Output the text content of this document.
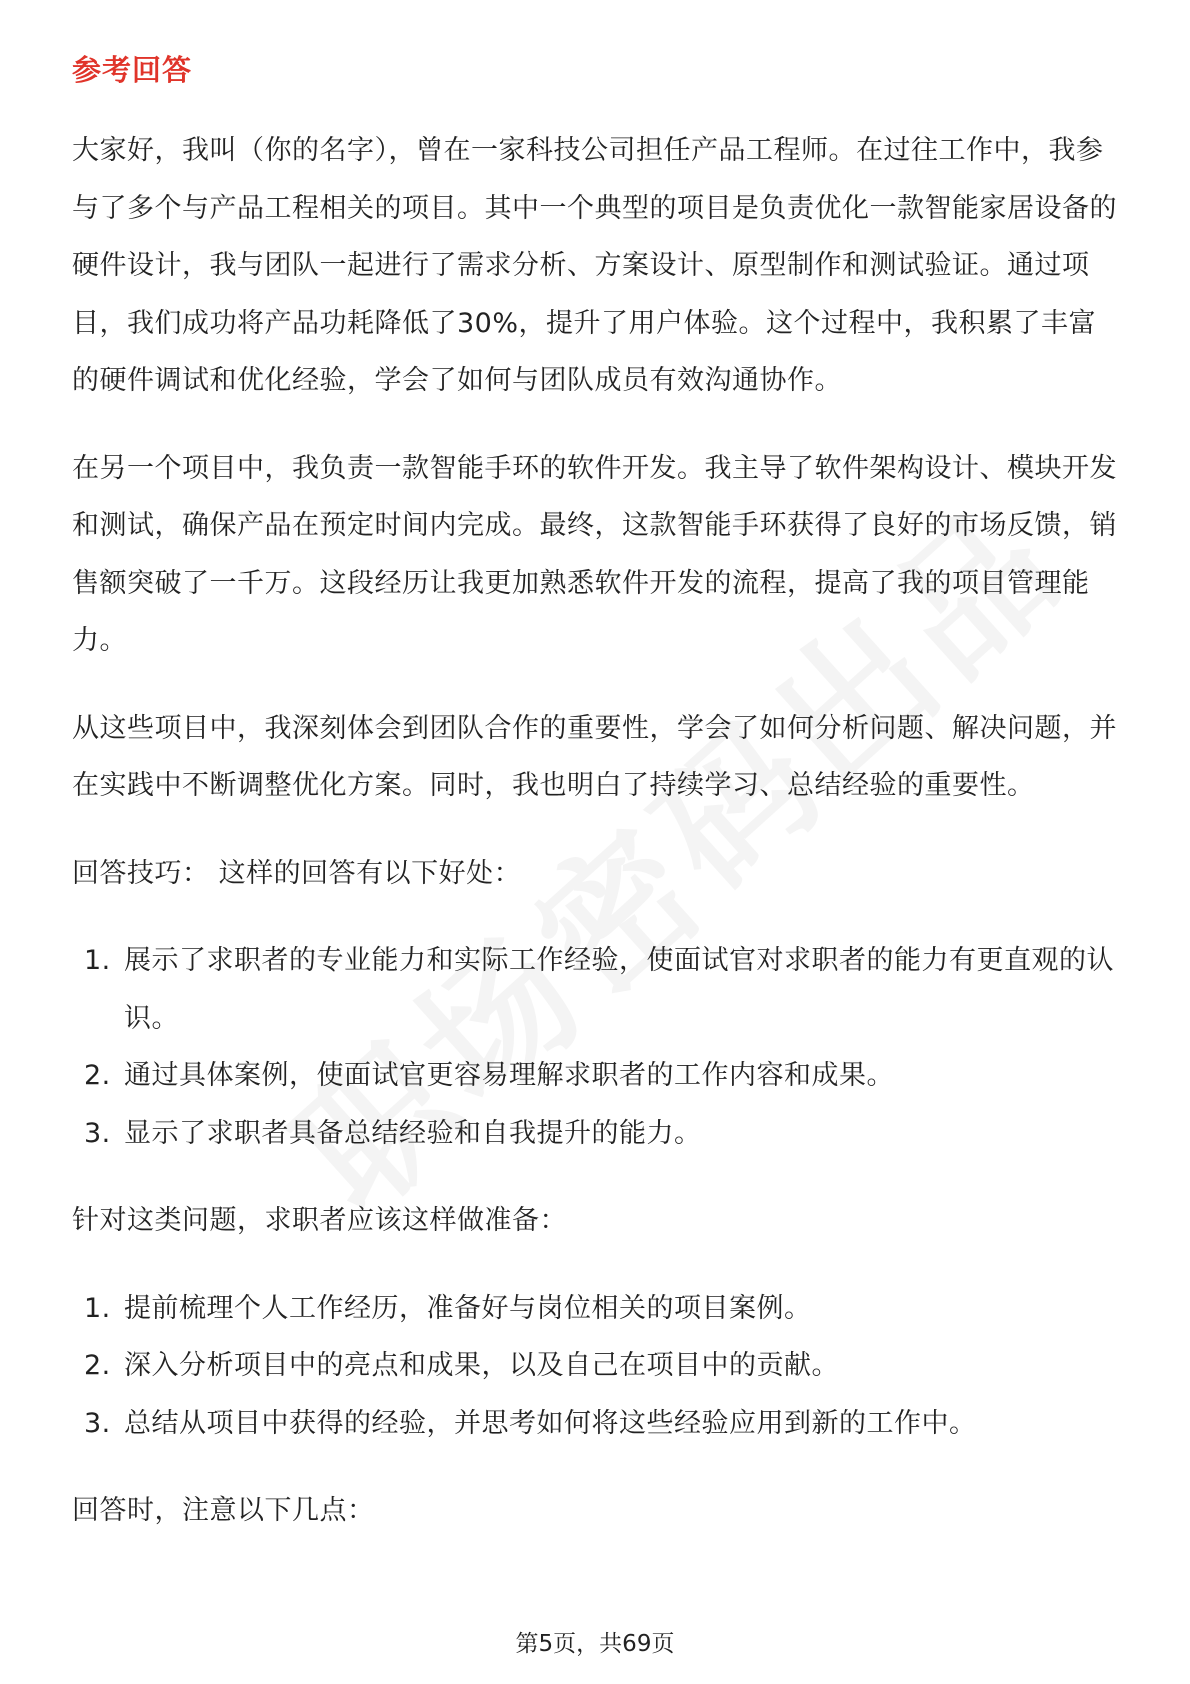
参考回答

大家好，我叫（你的名字），曾在一家科技公司担任产品工程师。在过往工作中，我参与了多个与产品工程相关的项目。其中一个典型的项目是负责优化一款智能家居设备的硬件设计，我与团队一起进行了需求分析、方案设计、原型制作和测试验证。通过项目，我们成功将产品功耗降低了30%，提升了用户体验。这个过程中，我积累了丰富的硬件调试和优化经验，学会了如何与团队成员有效沟通协作。

在另一个项目中，我负责一款智能手环的软件开发。我主导了软件架构设计、模块开发和测试，确保产品在预定时间内完成。最终，这款智能手环获得了良好的市场反馈，销售额突破了一千万。这段经历让我更加熟悉软件开发的流程，提高了我的项目管理能力。

从这些项目中，我深刻体会到团队合作的重要性，学会了如何分析问题、解决问题，并在实践中不断调整优化方案。同时，我也明白了持续学习、总结经验的重要性。

回答技巧： 这样的回答有以下好处：

1. 展示了求职者的专业能力和实际工作经验，使面试官对求职者的能力有更直观的认识。
2. 通过具体案例，使面试官更容易理解求职者的工作内容和成果。
3. 显示了求职者具备总结经验和自我提升的能力。

针对这类问题，求职者应该这样做准备：

1. 提前梳理个人工作经历，准备好与岗位相关的项目案例。
2. 深入分析项目中的亮点和成果，以及自己在项目中的贡献。
3. 总结从项目中获得的经验，并思考如何将这些经验应用到新的工作中。

回答时，注意以下几点：

第5页，共69页
